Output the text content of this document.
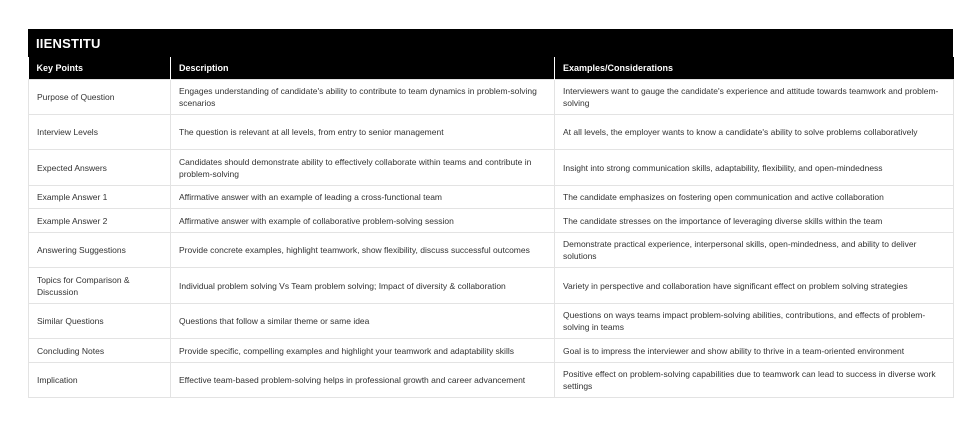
IIENSTITU
Key Points	Description	Examples/Considerations
Purpose of Question	Engages understanding of candidate's ability to contribute to team dynamics in problem-solving scenarios	Interviewers want to gauge the candidate's experience and attitude towards teamwork and problem-solving
Interview Levels	The question is relevant at all levels, from entry to senior management	At all levels, the employer wants to know a candidate's ability to solve problems collaboratively
Expected Answers	Candidates should demonstrate ability to effectively collaborate within teams and contribute in problem-solving	Insight into strong communication skills, adaptability, flexibility, and open-mindedness
Example Answer 1	Affirmative answer with an example of leading a cross-functional team	The candidate emphasizes on fostering open communication and active collaboration
Example Answer 2	Affirmative answer with example of collaborative problem-solving session	The candidate stresses on the importance of leveraging diverse skills within the team
Answering Suggestions	Provide concrete examples, highlight teamwork, show flexibility, discuss successful outcomes	Demonstrate practical experience, interpersonal skills, open-mindedness, and ability to deliver solutions
Topics for Comparison & Discussion	Individual problem solving Vs Team problem solving; Impact of diversity & collaboration	Variety in perspective and collaboration have significant effect on problem solving strategies
Similar Questions	Questions that follow a similar theme or same idea	Questions on ways teams impact problem-solving abilities, contributions, and effects of problem-solving in teams
Concluding Notes	Provide specific, compelling examples and highlight your teamwork and adaptability skills	Goal is to impress the interviewer and show ability to thrive in a team-oriented environment
Implication	Effective team-based problem-solving helps in professional growth and career advancement	Positive effect on problem-solving capabilities due to teamwork can lead to success in diverse work settings
